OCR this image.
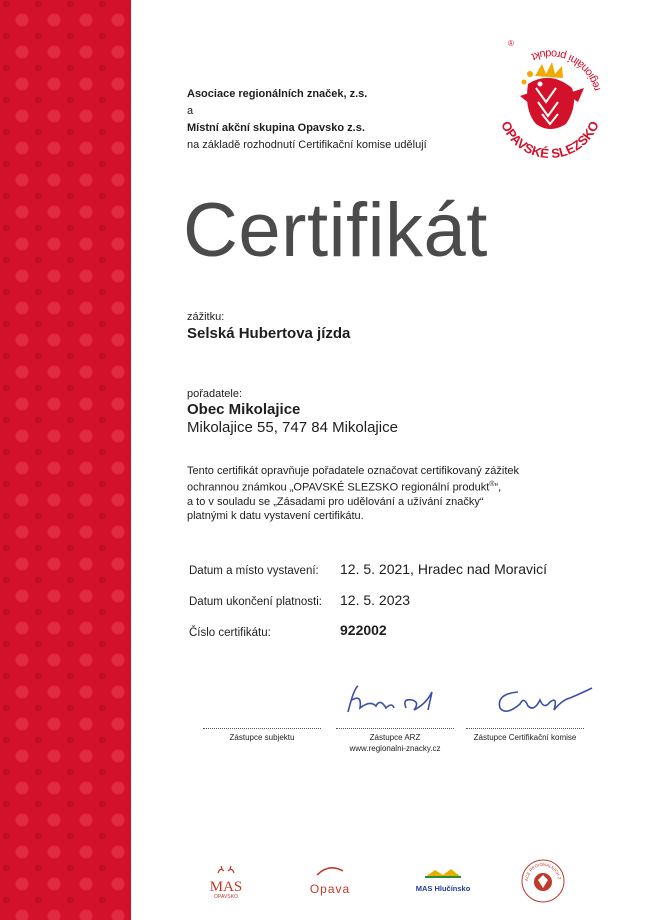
Asociace regionálních značek, z.s.
a
Místní akční skupina Opavsko z.s.
na základě rozhodnutí Certifikační komise udělují
OPAVSKÉ SLEZSKO
regionální produkt
®
Certifikát
zážitku:
Selská Hubertova jízda
pořadatele:
Obec Mikolajice
Mikolajice 55, 747 84 Mikolajice
Tento certifikát opravňuje pořadatele označovat certifikovaný zážitek
ochrannou známkou „OPAVSKÉ SLEZSKO regionální produkt®“,
a to v souladu se „Zásadami pro udělování a užívání značky“
platnými k datu vystavení certifikátu.
Datum a místo vystavení: 12. 5. 2021, Hradec nad Moravicí
Datum ukončení platnosti: 12. 5. 2023
Číslo certifikátu:	922002
Zástupce subjektu	Zástupce ARZ
www.regionalni-znacky.cz
Zástupce Certifikační komise
MAS
OPAVSKO
Opava	MAS Hlučínsko
ACE REGIONÁLNÍCH Z
